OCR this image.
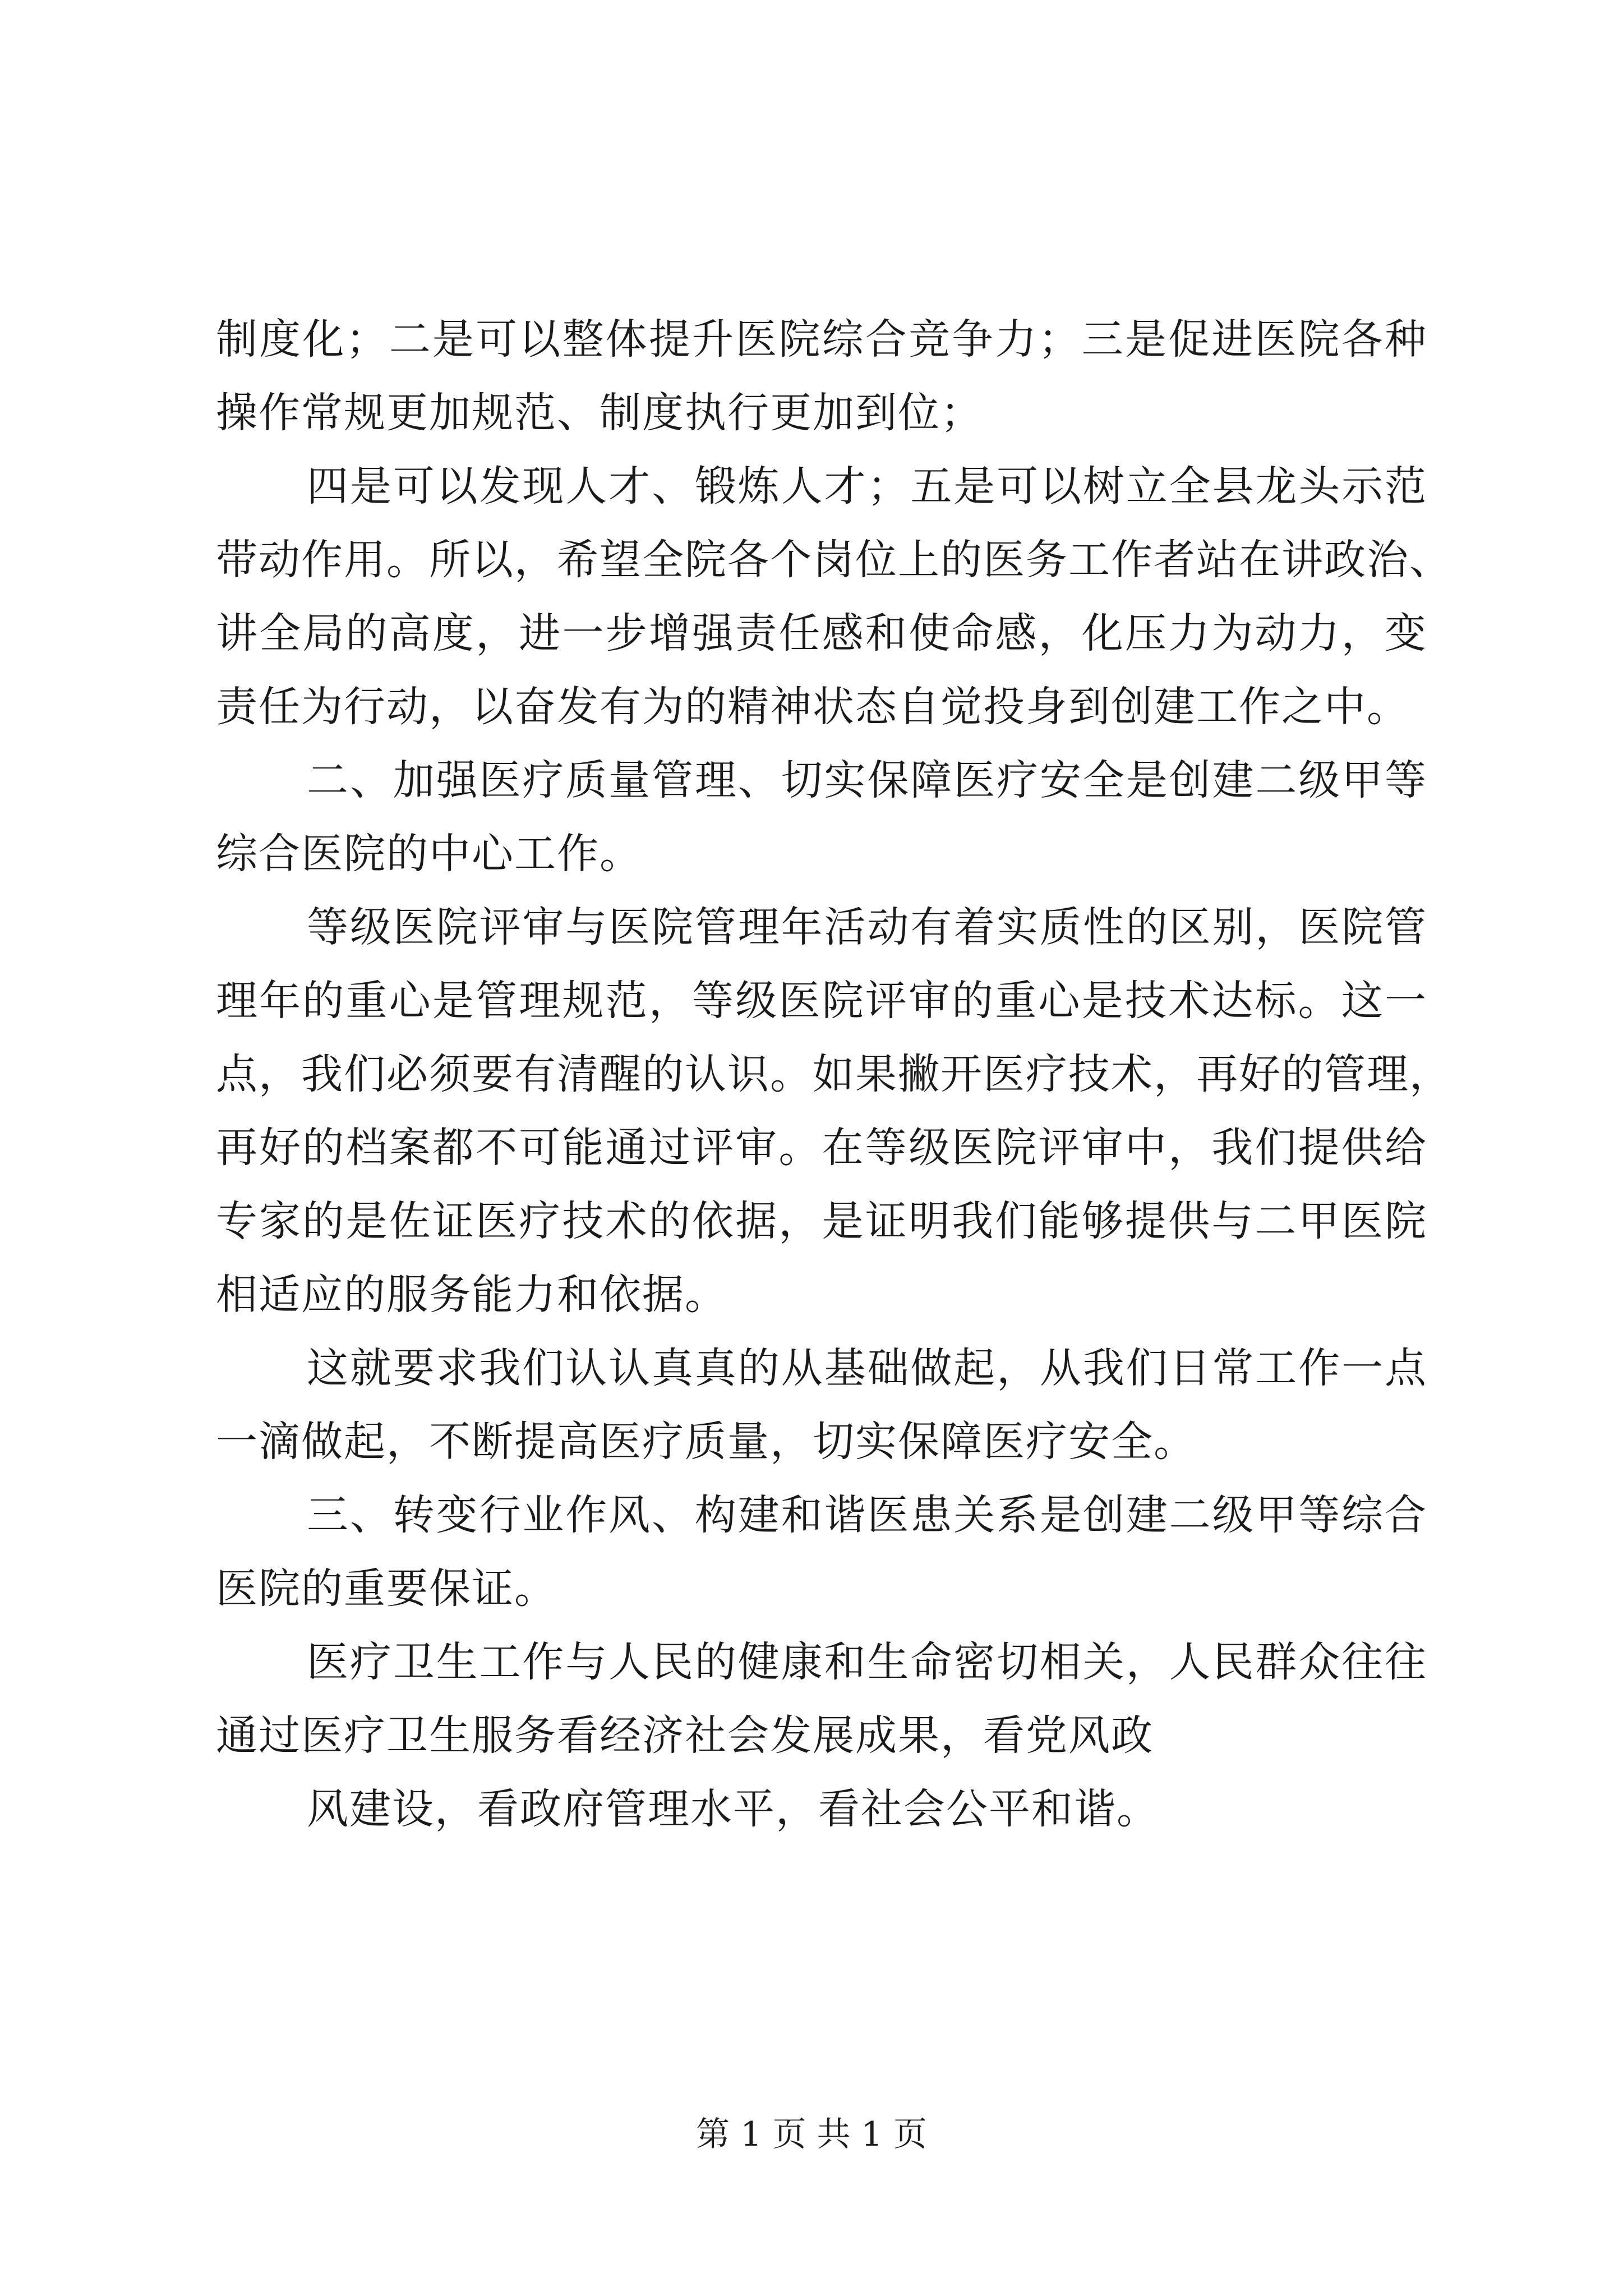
制度化；二是可以整体提升医院综合竞争力；三是促进医院各种
操作常规更加规范、制度执行更加到位；

四是可以发现人才、锻炼人才；五是可以树立全县龙头示范
带动作用。所以，希望全院各个岗位上的医务工作者站在讲政治、
讲全局的高度，进一步增强责任感和使命感，化压力为动力，变
责任为行动，以奋发有为的精神状态自觉投身到创建工作之中。

二、加强医疗质量管理、切实保障医疗安全是创建二级甲等
综合医院的中心工作。

等级医院评审与医院管理年活动有着实质性的区别，医院管
理年的重心是管理规范，等级医院评审的重心是技术达标。这一
点，我们必须要有清醒的认识。如果撇开医疗技术，再好的管理，
再好的档案都不可能通过评审。在等级医院评审中，我们提供给
专家的是佐证医疗技术的依据，是证明我们能够提供与二甲医院
相适应的服务能力和依据。

这就要求我们认认真真的从基础做起，从我们日常工作一点
一滴做起，不断提高医疗质量，切实保障医疗安全。

三、转变行业作风、构建和谐医患关系是创建二级甲等综合
医院的重要保证。

医疗卫生工作与人民的健康和生命密切相关，人民群众往往
通过医疗卫生服务看经济社会发展成果，看党风政

风建设，看政府管理水平，看社会公平和谐。

第 1 页 共 1 页
